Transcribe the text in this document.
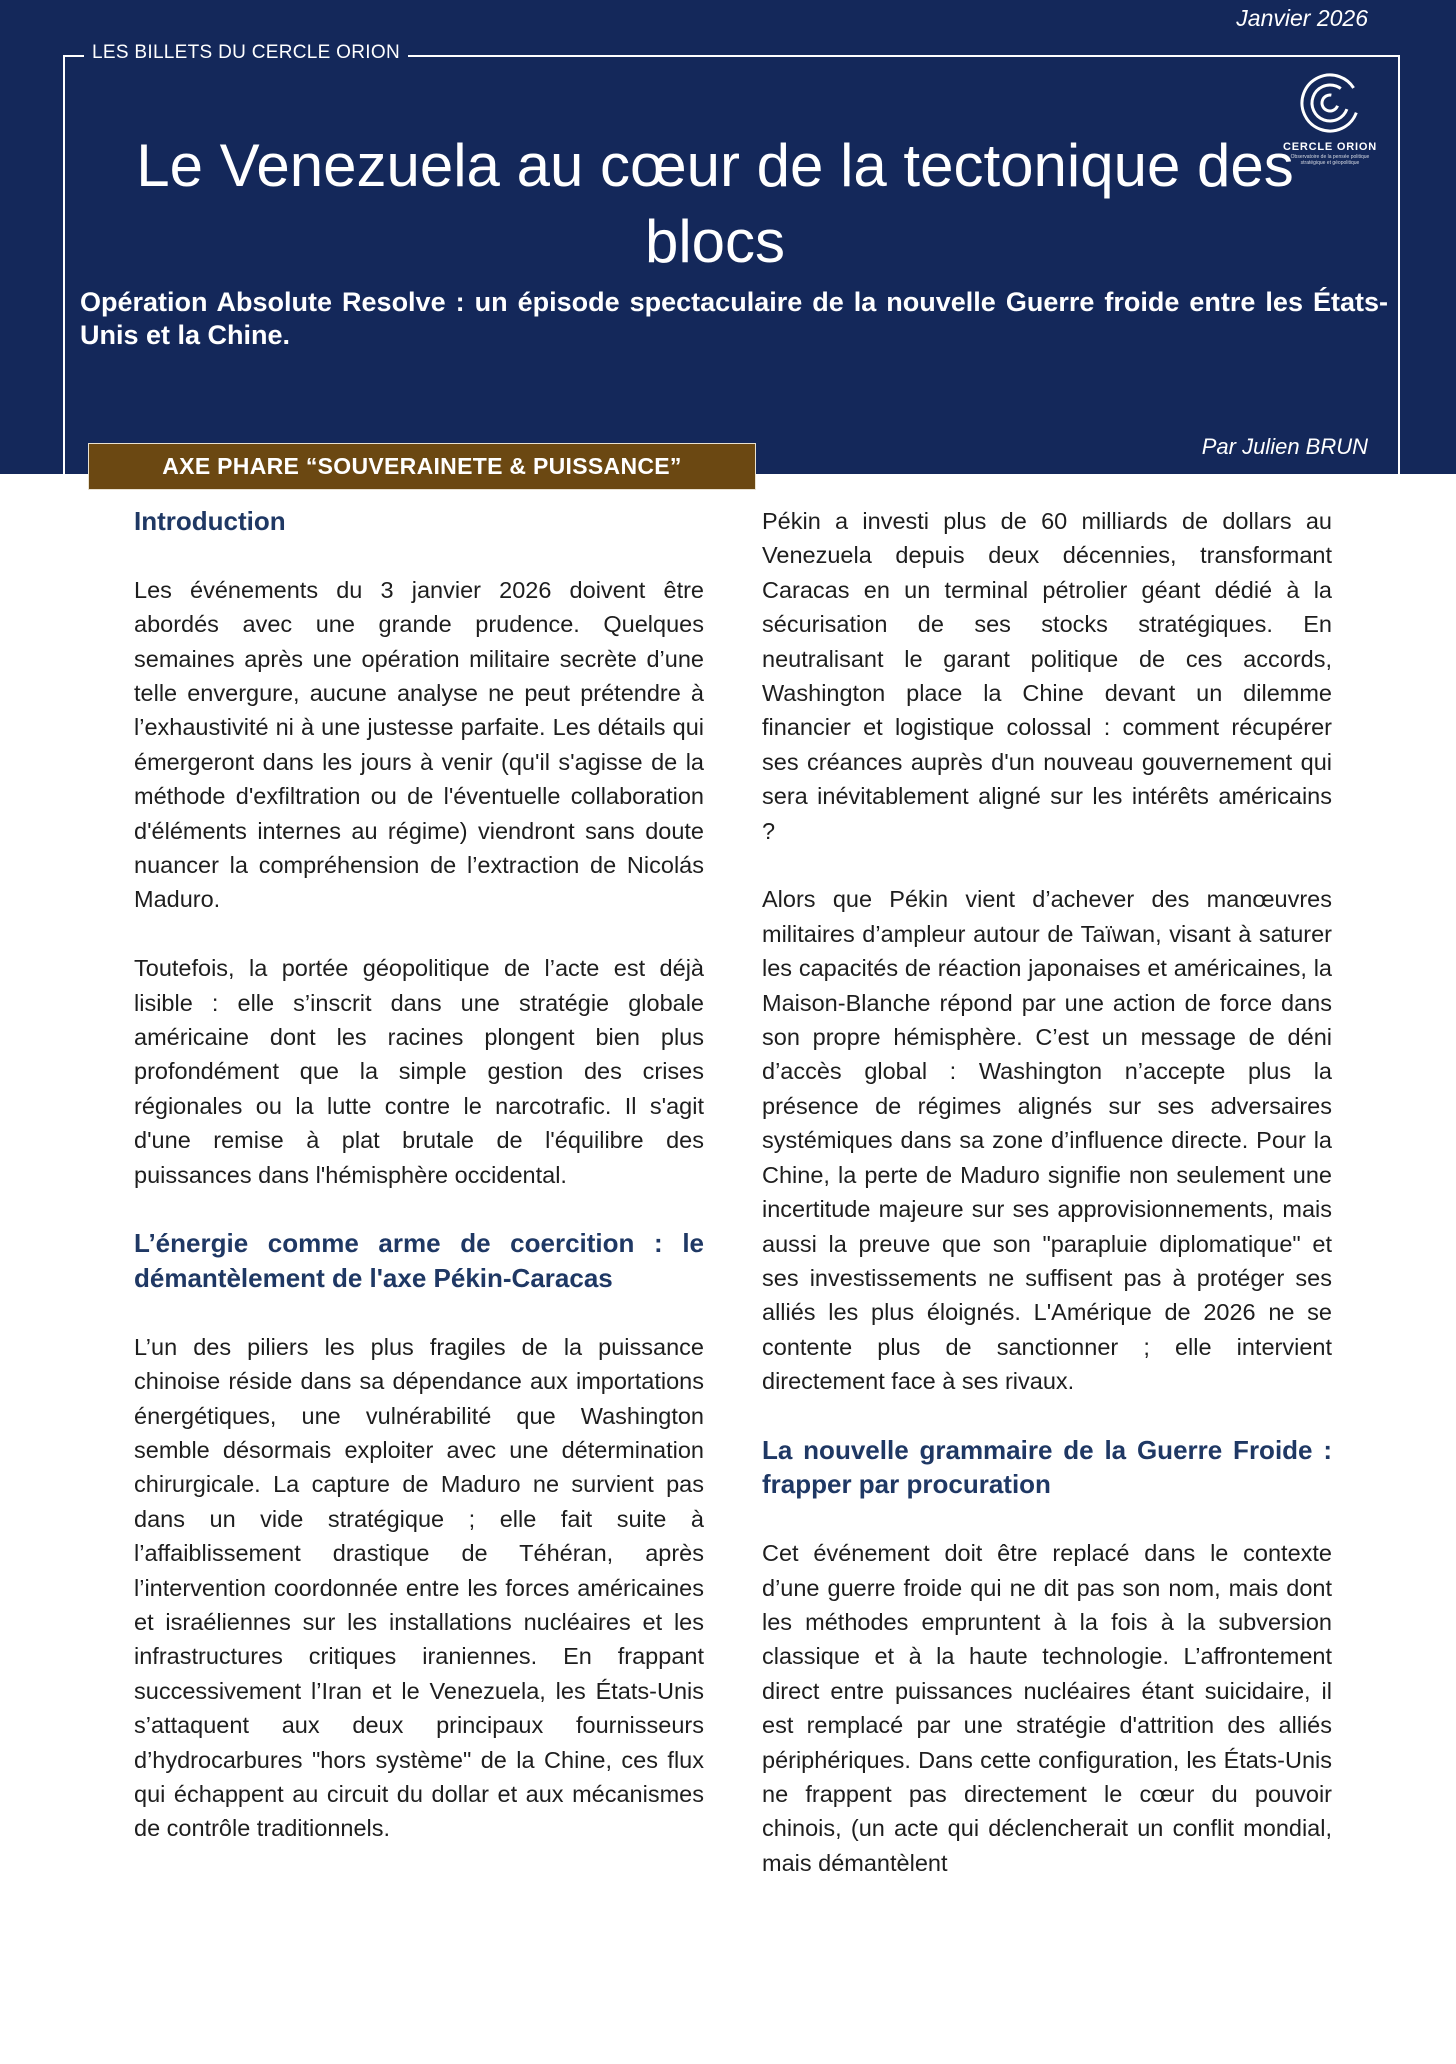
Janvier 2026
LES BILLETS DU CERCLE ORION
Le Venezuela au cœur de la tectonique des blocs
CERCLE ORION
Observatoire de la pensée politique stratégique et géopolitique
Opération Absolute Resolve : un épisode spectaculaire de la nouvelle Guerre froide entre les États-Unis et la Chine.
Par Julien BRUN
AXE PHARE “SOUVERAINETE & PUISSANCE”
Introduction

Les événements du 3 janvier 2026 doivent être abordés avec une grande prudence. Quelques semaines après une opération militaire secrète d’une telle envergure, aucune analyse ne peut prétendre à l’exhaustivité ni à une justesse parfaite. Les détails qui émergeront dans les jours à venir (qu'il s'agisse de la méthode d'exfiltration ou de l'éventuelle collaboration d'éléments internes au régime) viendront sans doute nuancer la compréhension de l’extraction de Nicolás Maduro.

Toutefois, la portée géopolitique de l’acte est déjà lisible : elle s’inscrit dans une stratégie globale américaine dont les racines plongent bien plus profondément que la simple gestion des crises régionales ou la lutte contre le narcotrafic. Il s'agit d'une remise à plat brutale de l'équilibre des puissances dans l'hémisphère occidental.

L’énergie comme arme de coercition : le démantèlement de l'axe Pékin-Caracas

L’un des piliers les plus fragiles de la puissance chinoise réside dans sa dépendance aux importations énergétiques, une vulnérabilité que Washington semble désormais exploiter avec une détermination chirurgicale. La capture de Maduro ne survient pas dans un vide stratégique ; elle fait suite à l’affaiblissement drastique de Téhéran, après l’intervention coordonnée entre les forces américaines et israéliennes sur les installations nucléaires et les infrastructures critiques iraniennes. En frappant successivement l’Iran et le Venezuela, les États-Unis s’attaquent aux deux principaux fournisseurs d’hydrocarbures "hors système" de la Chine, ces flux qui échappent au circuit du dollar et aux mécanismes de contrôle traditionnels.

Pékin a investi plus de 60 milliards de dollars au Venezuela depuis deux décennies, transformant Caracas en un terminal pétrolier géant dédié à la sécurisation de ses stocks stratégiques. En neutralisant le garant politique de ces accords, Washington place la Chine devant un dilemme financier et logistique colossal : comment récupérer ses créances auprès d'un nouveau gouvernement qui sera inévitablement aligné sur les intérêts américains ?

Alors que Pékin vient d’achever des manœuvres militaires d’ampleur autour de Taïwan, visant à saturer les capacités de réaction japonaises et américaines, la Maison-Blanche répond par une action de force dans son propre hémisphère. C’est un message de déni d’accès global : Washington n’accepte plus la présence de régimes alignés sur ses adversaires systémiques dans sa zone d’influence directe. Pour la Chine, la perte de Maduro signifie non seulement une incertitude majeure sur ses approvisionnements, mais aussi la preuve que son "parapluie diplomatique" et ses investissements ne suffisent pas à protéger ses alliés les plus éloignés. L'Amérique de 2026 ne se contente plus de sanctionner ; elle intervient directement face à ses rivaux.

La nouvelle grammaire de la Guerre Froide : frapper par procuration

Cet événement doit être replacé dans le contexte d’une guerre froide qui ne dit pas son nom, mais dont les méthodes empruntent à la fois à la subversion classique et à la haute technologie. L’affrontement direct entre puissances nucléaires étant suicidaire, il est remplacé par une stratégie d'attrition des alliés périphériques. Dans cette configuration, les États-Unis ne frappent pas directement le cœur du pouvoir chinois, (un acte qui déclencherait un conflit mondial, mais démantèlent
